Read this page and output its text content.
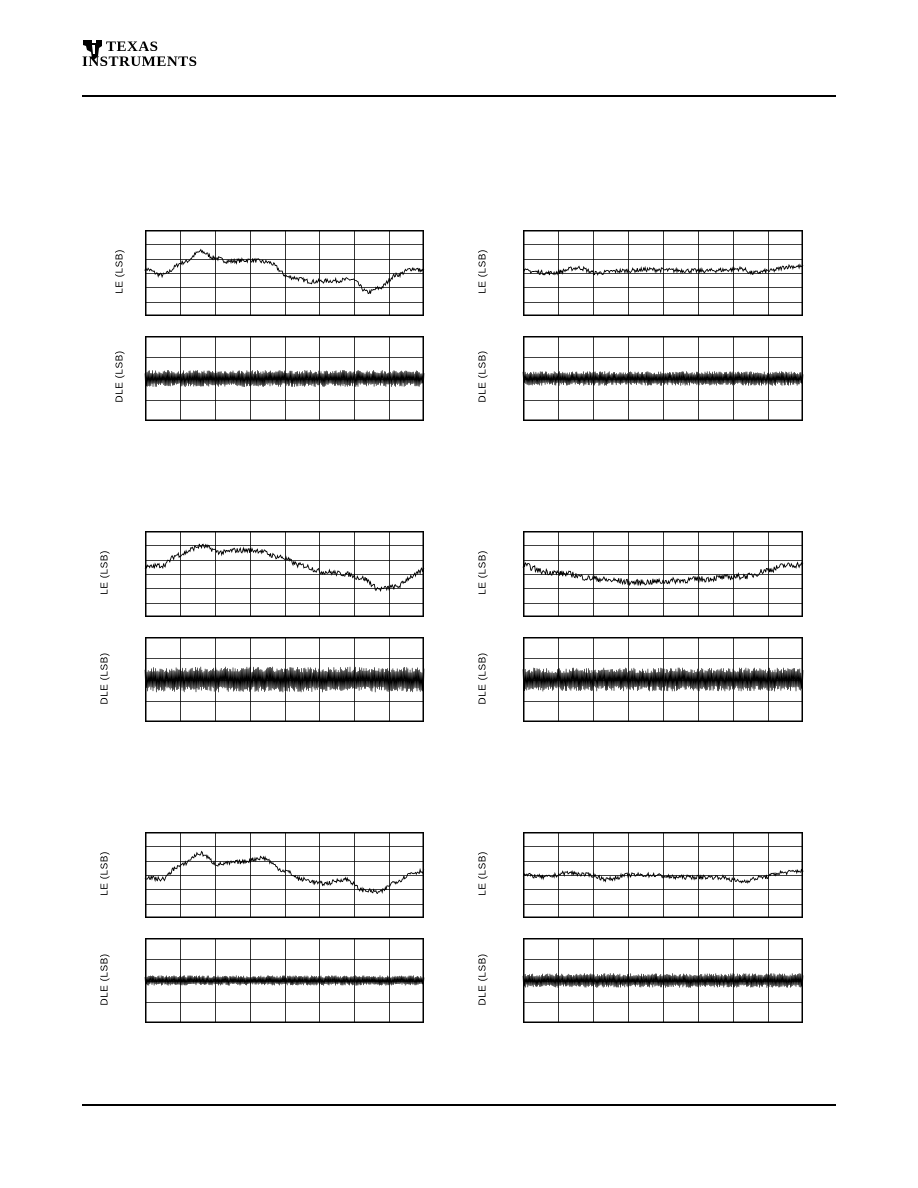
TEXAS
INSTRUMENTS
LE (LSB)
DLE (LSB)
LE (LSB)
DLE (LSB)
LE (LSB)
DLE (LSB)
LE (LSB)
DLE (LSB)
LE (LSB)
DLE (LSB)
LE (LSB)
DLE (LSB)
